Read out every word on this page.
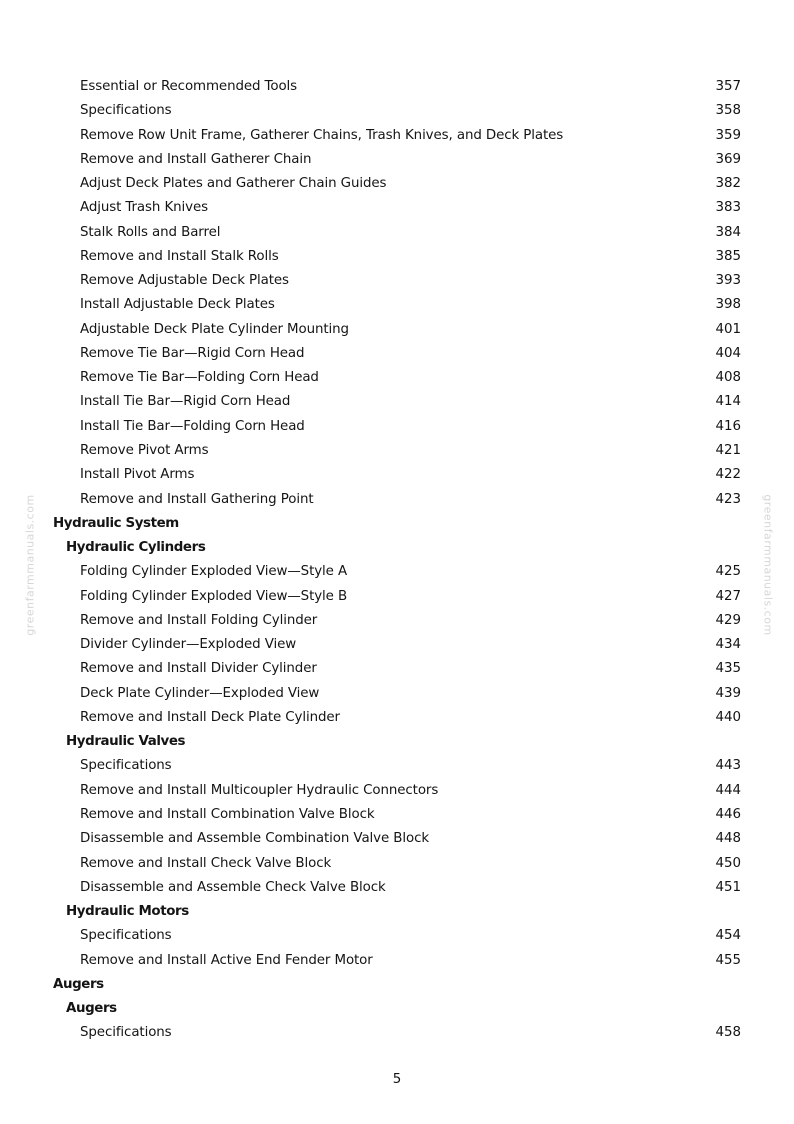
Essential or Recommended Tools	357
Specifications	358
Remove Row Unit Frame, Gatherer Chains, Trash Knives, and Deck Plates	359
Remove and Install Gatherer Chain	369
Adjust Deck Plates and Gatherer Chain Guides	382
Adjust Trash Knives	383
Stalk Rolls and Barrel	384
Remove and Install Stalk Rolls	385
Remove Adjustable Deck Plates	393
Install Adjustable Deck Plates	398
Adjustable Deck Plate Cylinder Mounting	401
Remove Tie Bar—Rigid Corn Head	404
Remove Tie Bar—Folding Corn Head	408
Install Tie Bar—Rigid Corn Head	414
Install Tie Bar—Folding Corn Head	416
Remove Pivot Arms	421
Install Pivot Arms	422
Remove and Install Gathering Point	423
Hydraulic System
Hydraulic Cylinders
Folding Cylinder Exploded View—Style A	425
Folding Cylinder Exploded View—Style B	427
Remove and Install Folding Cylinder	429
Divider Cylinder—Exploded View	434
Remove and Install Divider Cylinder	435
Deck Plate Cylinder—Exploded View	439
Remove and Install Deck Plate Cylinder	440
Hydraulic Valves
Specifications	443
Remove and Install Multicoupler Hydraulic Connectors	444
Remove and Install Combination Valve Block	446
Disassemble and Assemble Combination Valve Block	448
Remove and Install Check Valve Block	450
Disassemble and Assemble Check Valve Block	451
Hydraulic Motors
Specifications	454
Remove and Install Active End Fender Motor	455
Augers
Augers
Specifications	458
greenfarmmanuals.com	greenfarmmanuals.com
5
